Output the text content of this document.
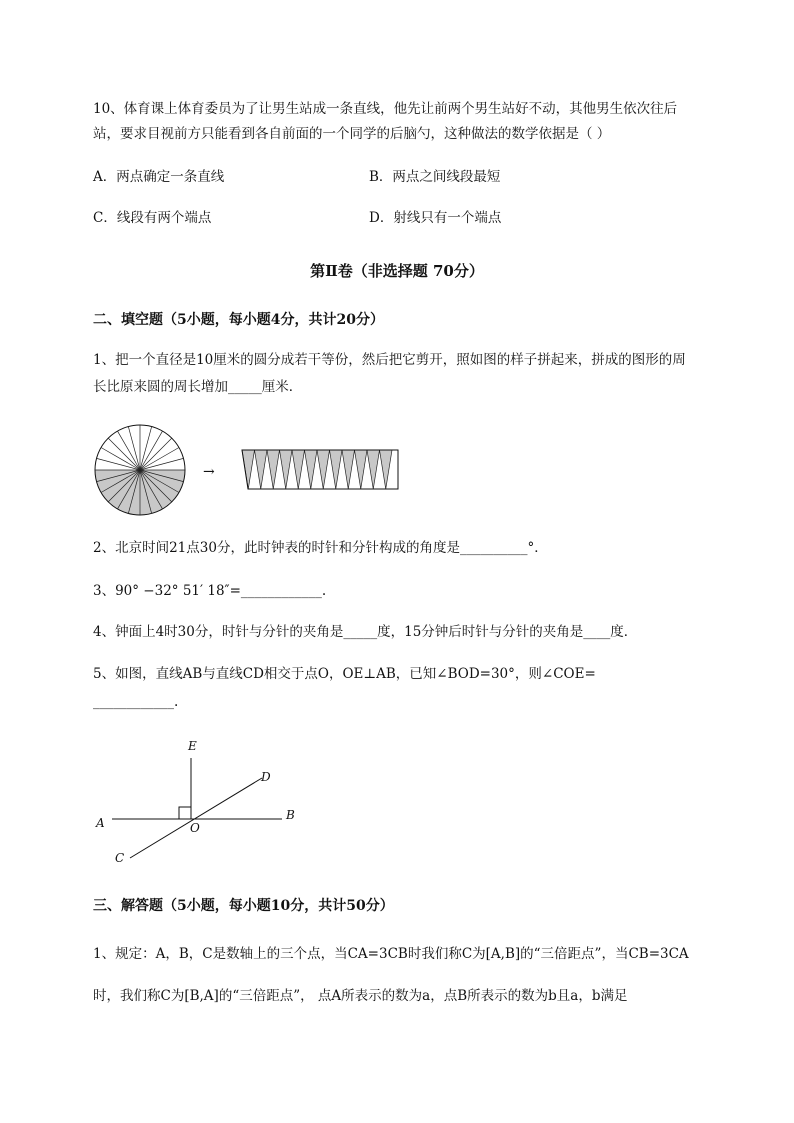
10、体育课上体育委员为了让男生站成一条直线，他先让前两个男生站好不动，其他男生依次往后
站，要求目视前方只能看到各自前面的一个同学的后脑勺，这种做法的数学依据是（ ）
A．两点确定一条直线	B．两点之间线段最短
C．线段有两个端点	D．射线只有一个端点
第Ⅱ卷（非选择题 70分）
二、填空题（5小题，每小题4分，共计20分）
1、把一个直径是10厘米的圆分成若干等份，然后把它剪开，照如图的样子拼起来，拼成的图形的周
长比原来圆的周长增加_____厘米．
→
2、北京时间21点30分，此时钟表的时针和分针构成的角度是__________°．
3、90° −32° 51′ 18″=____________.
4、钟面上4时30分，时针与分针的夹角是_____度，15分钟后时针与分针的夹角是____度．
5、如图，直线AB与直线CD相交于点O，OE⊥AB，已知∠BOD=30°，则∠COE=
____________.
E
D
A
B
O
C
三、解答题（5小题，每小题10分，共计50分）
1、规定：A，B，C是数轴上的三个点，当CA=3CB时我们称C为[A,B]的“三倍距点”，当CB=3CA
时，我们称C为[B,A]的“三倍距点”， 点A所表示的数为a，点B所表示的数为b且a，b满足
